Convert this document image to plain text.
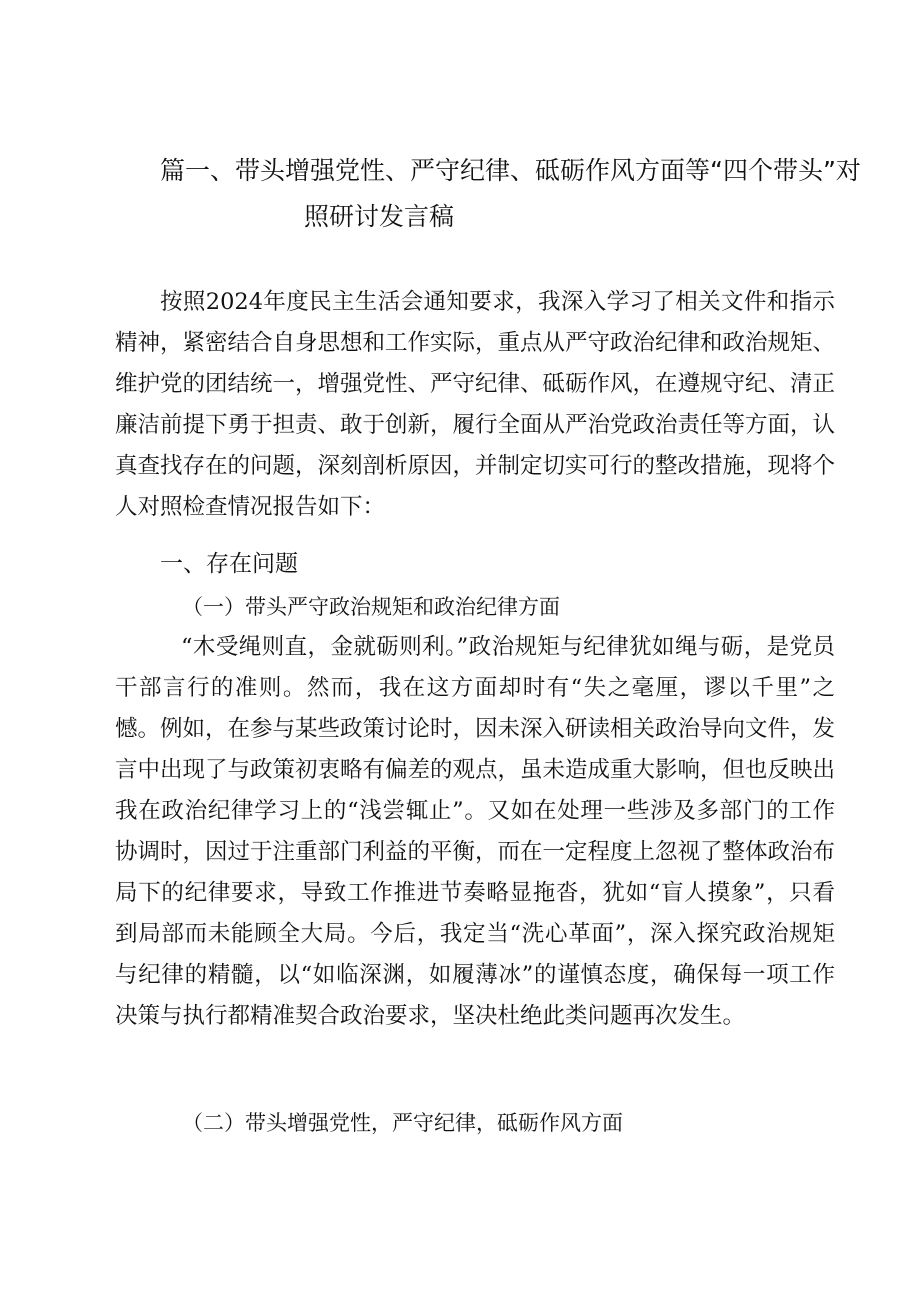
篇一、带头增强党性、严守纪律、砥砺作风方面等“四个带头”对
照研讨发言稿

按照2024年度民主生活会通知要求，我深入学习了相关文件和指示精神，紧密结合自身思想和工作实际，重点从严守政治纪律和政治规矩、维护党的团结统一，增强党性、严守纪律、砥砺作风，在遵规守纪、清正廉洁前提下勇于担责、敢于创新，履行全面从严治党政治责任等方面，认真查找存在的问题，深刻剖析原因，并制定切实可行的整改措施，现将个人对照检查情况报告如下：

一、存在问题
（一）带头严守政治规矩和政治纪律方面

“木受绳则直，金就砺则利。”政治规矩与纪律犹如绳与砺，是党员干部言行的准则。然而，我在这方面却时有“失之毫厘，谬以千里”之憾。例如，在参与某些政策讨论时，因未深入研读相关政治导向文件，发言中出现了与政策初衷略有偏差的观点，虽未造成重大影响，但也反映出我在政治纪律学习上的“浅尝辄止”。又如在处理一些涉及多部门的工作协调时，因过于注重部门利益的平衡，而在一定程度上忽视了整体政治布局下的纪律要求，导致工作推进节奏略显拖沓，犹如“盲人摸象”，只看到局部而未能顾全大局。今后，我定当“洗心革面”，深入探究政治规矩与纪律的精髓，以“如临深渊，如履薄冰”的谨慎态度，确保每一项工作决策与执行都精准契合政治要求，坚决杜绝此类问题再次发生。

（二）带头增强党性，严守纪律，砥砺作风方面
